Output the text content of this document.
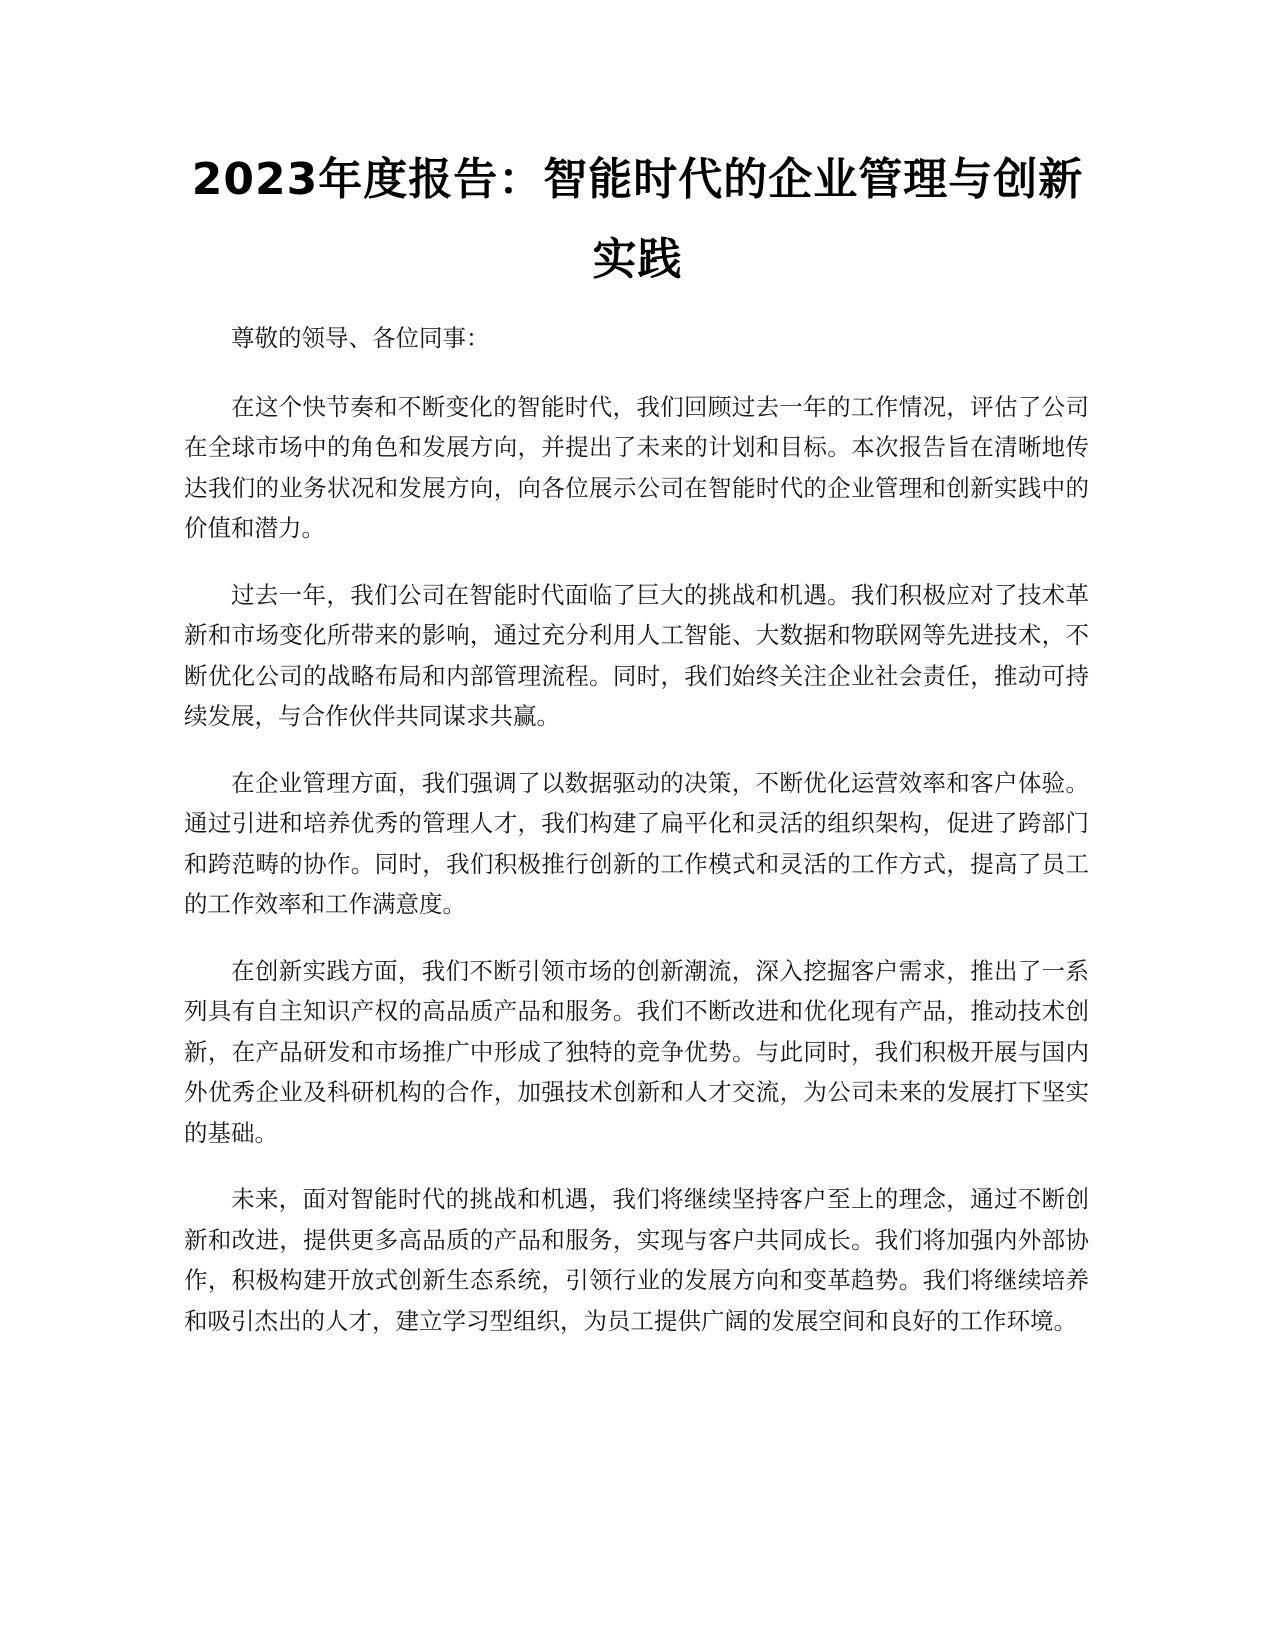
2023年度报告：智能时代的企业管理与创新实践

尊敬的领导、各位同事：

在这个快节奏和不断变化的智能时代，我们回顾过去一年的工作情况，评估了公司在全球市场中的角色和发展方向，并提出了未来的计划和目标。本次报告旨在清晰地传达我们的业务状况和发展方向，向各位展示公司在智能时代的企业管理和创新实践中的价值和潜力。

过去一年，我们公司在智能时代面临了巨大的挑战和机遇。我们积极应对了技术革新和市场变化所带来的影响，通过充分利用人工智能、大数据和物联网等先进技术，不断优化公司的战略布局和内部管理流程。同时，我们始终关注企业社会责任，推动可持续发展，与合作伙伴共同谋求共赢。

在企业管理方面，我们强调了以数据驱动的决策，不断优化运营效率和客户体验。通过引进和培养优秀的管理人才，我们构建了扁平化和灵活的组织架构，促进了跨部门和跨范畴的协作。同时，我们积极推行创新的工作模式和灵活的工作方式，提高了员工的工作效率和工作满意度。

在创新实践方面，我们不断引领市场的创新潮流，深入挖掘客户需求，推出了一系列具有自主知识产权的高品质产品和服务。我们不断改进和优化现有产品，推动技术创新，在产品研发和市场推广中形成了独特的竞争优势。与此同时，我们积极开展与国内外优秀企业及科研机构的合作，加强技术创新和人才交流，为公司未来的发展打下坚实的基础。

未来，面对智能时代的挑战和机遇，我们将继续坚持客户至上的理念，通过不断创新和改进，提供更多高品质的产品和服务，实现与客户共同成长。我们将加强内外部协作，积极构建开放式创新生态系统，引领行业的发展方向和变革趋势。我们将继续培养和吸引杰出的人才，建立学习型组织，为员工提供广阔的发展空间和良好的工作环境。
